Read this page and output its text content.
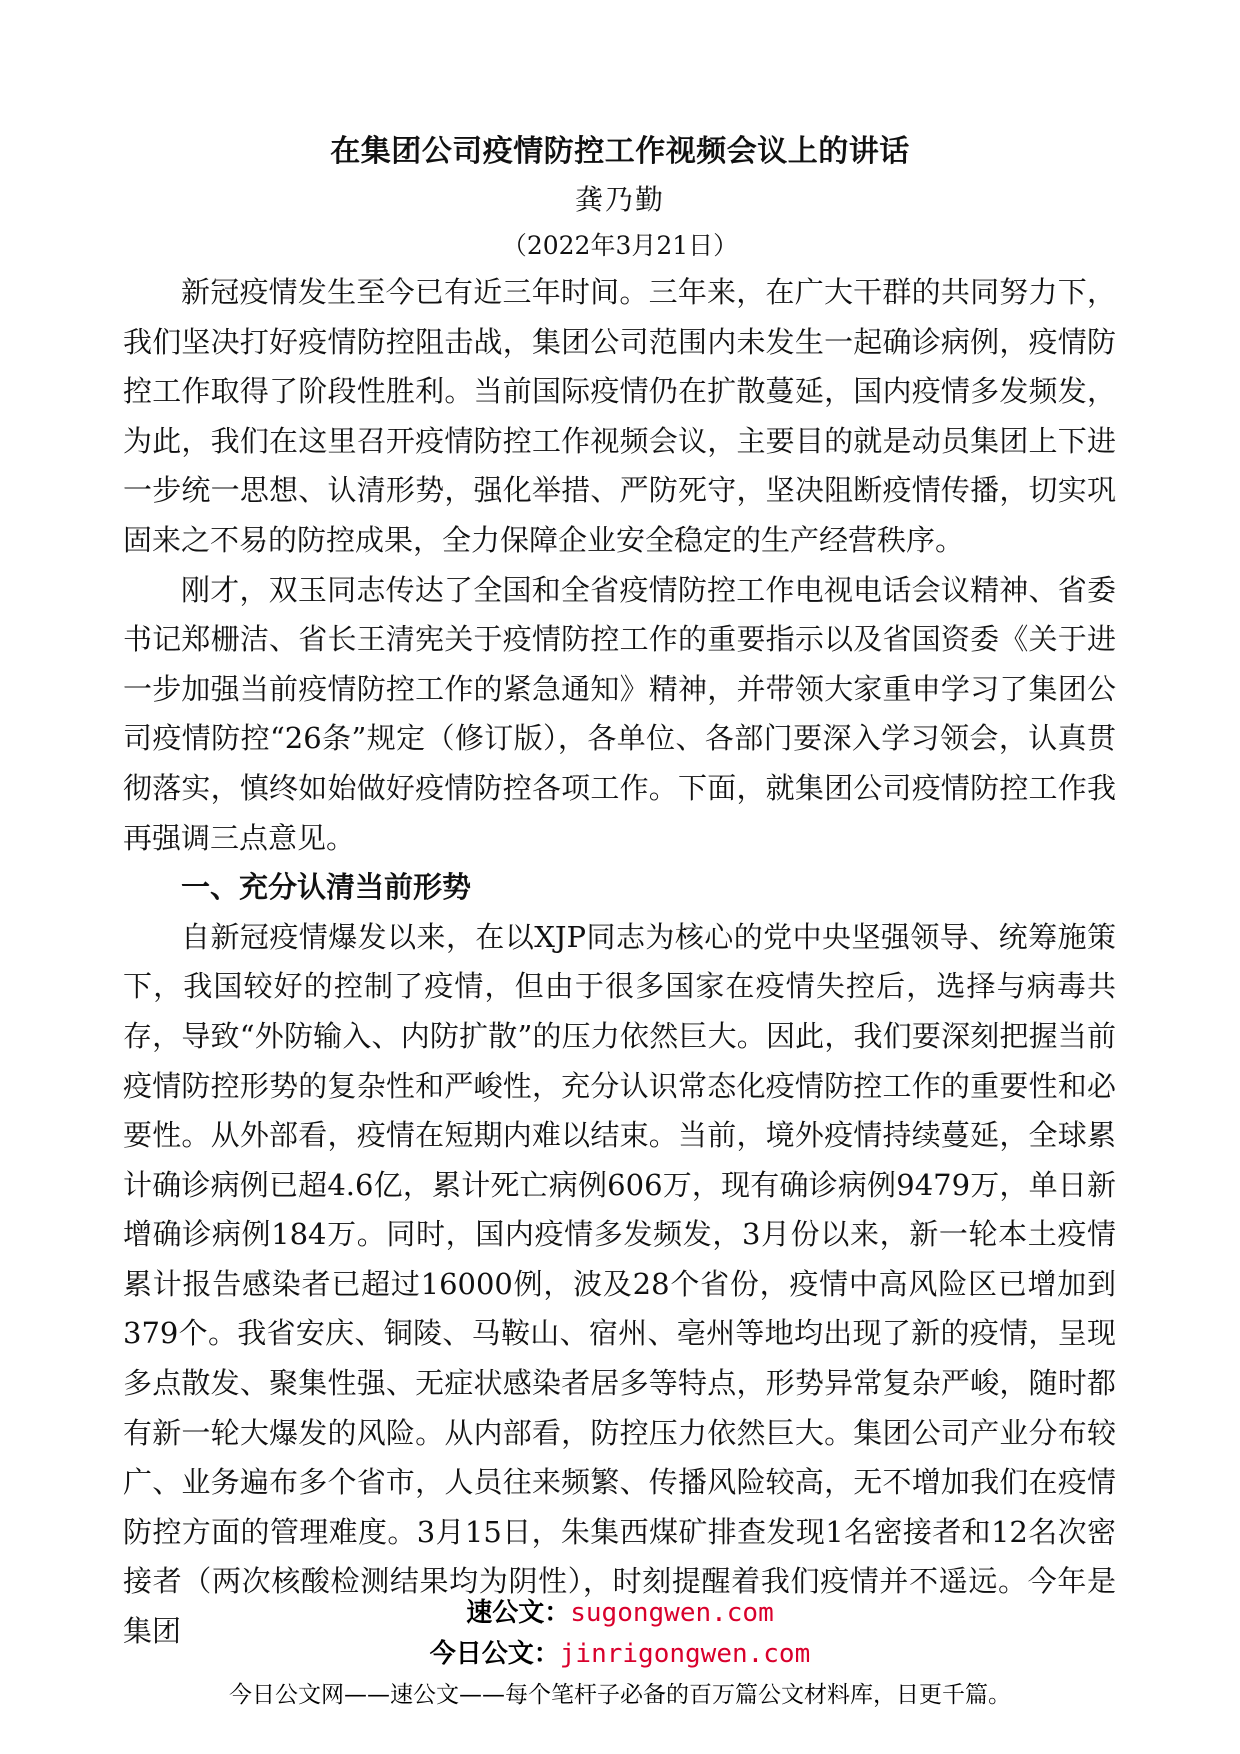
在集团公司疫情防控工作视频会议上的讲话
龚乃勤
（2022年3月21日）

新冠疫情发生至今已有近三年时间。三年来，在广大干群的共同努力下，我们坚决打好疫情防控阻击战，集团公司范围内未发生一起确诊病例，疫情防控工作取得了阶段性胜利。当前国际疫情仍在扩散蔓延，国内疫情多发频发，为此，我们在这里召开疫情防控工作视频会议，主要目的就是动员集团上下进一步统一思想、认清形势，强化举措、严防死守，坚决阻断疫情传播，切实巩固来之不易的防控成果，全力保障企业安全稳定的生产经营秩序。

刚才，双玉同志传达了全国和全省疫情防控工作电视电话会议精神、省委书记郑栅洁、省长王清宪关于疫情防控工作的重要指示以及省国资委《关于进一步加强当前疫情防控工作的紧急通知》精神，并带领大家重申学习了集团公司疫情防控“26条”规定（修订版），各单位、各部门要深入学习领会，认真贯彻落实，慎终如始做好疫情防控各项工作。下面，就集团公司疫情防控工作我再强调三点意见。

一、充分认清当前形势

自新冠疫情爆发以来，在以XJP同志为核心的党中央坚强领导、统筹施策下，我国较好的控制了疫情，但由于很多国家在疫情失控后，选择与病毒共存，导致“外防输入、内防扩散”的压力依然巨大。因此，我们要深刻把握当前疫情防控形势的复杂性和严峻性，充分认识常态化疫情防控工作的重要性和必要性。从外部看，疫情在短期内难以结束。当前，境外疫情持续蔓延，全球累计确诊病例已超4.6亿，累计死亡病例606万，现有确诊病例9479万，单日新增确诊病例184万。同时，国内疫情多发频发，3月份以来，新一轮本土疫情累计报告感染者已超过16000例，波及28个省份，疫情中高风险区已增加到379个。我省安庆、铜陵、马鞍山、宿州、亳州等地均出现了新的疫情，呈现多点散发、聚集性强、无症状感染者居多等特点，形势异常复杂严峻，随时都有新一轮大爆发的风险。从内部看，防控压力依然巨大。集团公司产业分布较广、业务遍布多个省市，人员往来频繁、传播风险较高，无不增加我们在疫情防控方面的管理难度。3月15日，朱集西煤矿排查发现1名密接者和12名次密接者（两次核酸检测结果均为阴性），时刻提醒着我们疫情并不遥远。今年是集团

速公文：sugongwen.com
今日公文：jinrigongwen.com
今日公文网——速公文——每个笔杆子必备的百万篇公文材料库，日更千篇。
